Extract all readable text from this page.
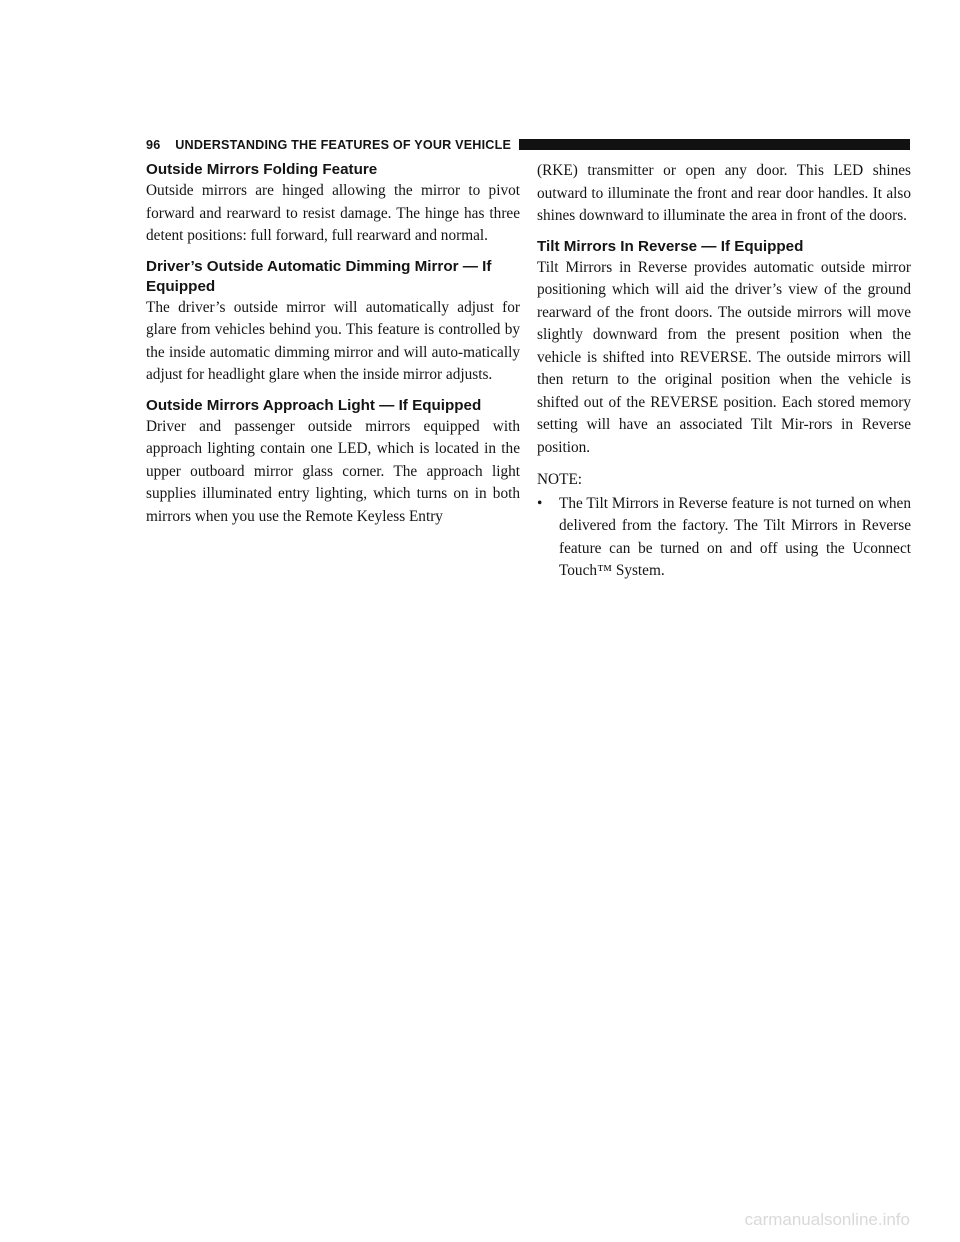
96 UNDERSTANDING THE FEATURES OF YOUR VEHICLE
Outside Mirrors Folding Feature

Outside mirrors are hinged allowing the mirror to pivot forward and rearward to resist damage. The hinge has three detent positions: full forward, full rearward and normal.

Driver’s Outside Automatic Dimming Mirror — If Equipped

The driver’s outside mirror will automatically adjust for glare from vehicles behind you. This feature is controlled by the inside automatic dimming mirror and will auto-matically adjust for headlight glare when the inside mirror adjusts.

Outside Mirrors Approach Light — If Equipped

Driver and passenger outside mirrors equipped with approach lighting contain one LED, which is located in the upper outboard mirror glass corner. The approach light supplies illuminated entry lighting, which turns on in both mirrors when you use the Remote Keyless Entry

(RKE) transmitter or open any door. This LED shines outward to illuminate the front and rear door handles. It also shines downward to illuminate the area in front of the doors.

Tilt Mirrors In Reverse — If Equipped

Tilt Mirrors in Reverse provides automatic outside mirror positioning which will aid the driver’s view of the ground rearward of the front doors. The outside mirrors will move slightly downward from the present position when the vehicle is shifted into REVERSE. The outside mirrors will then return to the original position when the vehicle is shifted out of the REVERSE position. Each stored memory setting will have an associated Tilt Mir-rors in Reverse position.

NOTE:
•	The Tilt Mirrors in Reverse feature is not turned on when delivered from the factory. The Tilt Mirrors in Reverse feature can be turned on and off using the Uconnect Touch™ System.
carmanualsonline.info
